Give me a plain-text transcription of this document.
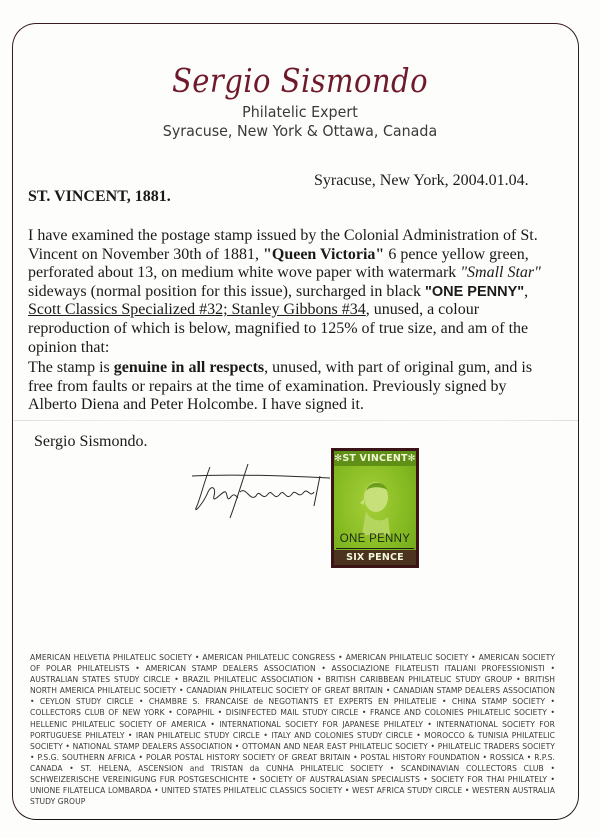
Sergio Sismondo
Philatelic Expert
Syracuse, New York & Ottawa, Canada
Syracuse, New York, 2004.01.04.
ST. VINCENT, 1881.
I have examined the postage stamp issued by the Colonial Administration of St. Vincent on November 30th of 1881, "Queen Victoria" 6 pence yellow green, perforated about 13, on medium white wove paper with watermark "Small Star" sideways (normal position for this issue), surcharged in black "ONE PENNY", Scott Classics Specialized #32; Stanley Gibbons #34, unused, a colour reproduction of which is below, magnified to 125% of true size, and am of the opinion that:
The stamp is genuine in all respects, unused, with part of original gum, and is free from faults or repairs at the time of examination. Previously signed by Alberto Diena and Peter Holcombe. I have signed it.
Sergio Sismondo.
✻ST VINCENT✻
ONE PENNY
SIX PENCE
AMERICAN HELVETIA PHILATELIC SOCIETY • AMERICAN PHILATELIC CONGRESS • AMERICAN PHILATELIC SOCIETY • AMERICAN SOCIETY OF POLAR PHILATELISTS • AMERICAN STAMP DEALERS ASSOCIATION • ASSOCIAZIONE FILATELISTI ITALIANI PROFESSIONISTI • AUSTRALIAN STATES STUDY CIRCLE • BRAZIL PHILATELIC ASSOCIATION • BRITISH CARIBBEAN PHILATELIC STUDY GROUP • BRITISH NORTH AMERICA PHILATELIC SOCIETY • CANADIAN PHILATELIC SOCIETY OF GREAT BRITAIN • CANADIAN STAMP DEALERS ASSOCIATION • CEYLON STUDY CIRCLE • CHAMBRE S. FRANCAISE de NEGOTIANTS ET EXPERTS EN PHILATELIE • CHINA STAMP SOCIETY • COLLECTORS CLUB OF NEW YORK • COPAPHIL • DISINFECTED MAIL STUDY CIRCLE • FRANCE AND COLONIES PHILATELIC SOCIETY • HELLENIC PHILATELIC SOCIETY OF AMERICA • INTERNATIONAL SOCIETY FOR JAPANESE PHILATELY • INTERNATIONAL SOCIETY FOR PORTUGUESE PHILATELY • IRAN PHILATELIC STUDY CIRCLE • ITALY AND COLONIES STUDY CIRCLE • MOROCCO & TUNISIA PHILATELIC SOCIETY • NATIONAL STAMP DEALERS ASSOCIATION • OTTOMAN AND NEAR EAST PHILATELIC SOCIETY • PHILATELIC TRADERS SOCIETY • P.S.G. SOUTHERN AFRICA • POLAR POSTAL HISTORY SOCIETY OF GREAT BRITAIN • POSTAL HISTORY FOUNDATION • ROSSICA • R.P.S. CANADA • ST. HELENA, ASCENSION and TRISTAN da CUNHA PHILATELIC SOCIETY • SCANDINAVIAN COLLECTORS CLUB • SCHWEIZERISCHE VEREINIGUNG FUR POSTGESCHICHTE • SOCIETY OF AUSTRALASIAN SPECIALISTS • SOCIETY FOR THAI PHILATELY • UNIONE FILATELICA LOMBARDA • UNITED STATES PHILATELIC CLASSICS SOCIETY • WEST AFRICA STUDY CIRCLE • WESTERN AUSTRALIA STUDY GROUP
